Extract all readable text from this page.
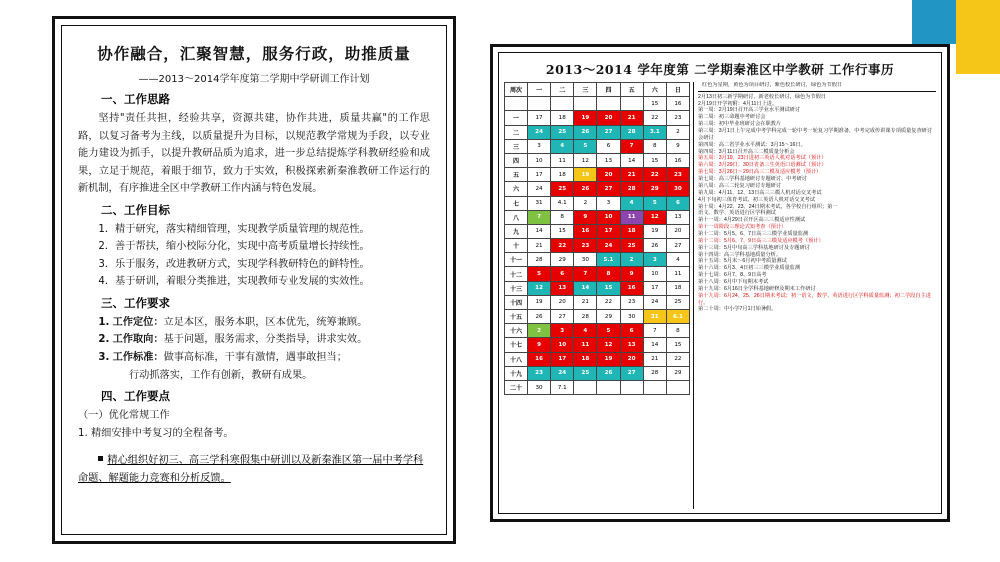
协作融合，汇聚智慧，服务行政，助推质量
——2013～2014学年度第二学期中学研训工作计划
一、工作思路

坚持"责任共担，经验共享，资源共建，协作共进，质量共赢"的工作思路，以复习备考为主线，以质量提升为目标，以规范教学常规为手段，以专业能力建设为抓手，以提升教研品质为追求，进一步总结提炼学科教研经验和成果，立足于规范，着眼于细节，致力于实效，积极探索新秦淮教研工作运行的新机制，有序推进全区中学教研工作内涵与特色发展。

二、工作目标

1．精于研究，落实精细管理，实现教学质量管理的规范性。

2．善于帮扶，缩小校际分化，实现中高考质量增长持续性。

3．乐于服务，改进教研方式，实现学科教研特色的鲜特性。

4．基于研训，着眼分类推进，实现教师专业发展的实效性。

三、工作要求

1. 工作定位：立足本区，服务本职，区本优先，统筹兼顾。

2. 工作取向：基于问题，服务需求，分类指导，讲求实效。

3. 工作标准：做事高标准，干事有激情，遇事敢担当；

行动抓落实，工作有创新，教研有成果。

四、工作要点

（一）优化常规工作

1. 精细安排中考复习的全程备考。

精心组织好初三、高三学科寒假集中研训以及新秦淮区第一届中考学科命题、解题能力竞赛和分析反馈。

2013～2014 学年度第 二学期秦淮区中学教研 工作行事历
周次	一	二	三	四	五	六	日
						15	16
一	17	18	19	20	21	22	23
二	24	25	26	27	28	3.1	2
三	3	4	5	6	7	8	9
四	10	11	12	13	14	15	16
五	17	18	19	20	21	22	23
六	24	25	26	27	28	29	30
七	31	4.1	2	3	4	5	6
八	7	8	9	10	11	12	13
九	14	15	16	17	18	19	20
十	21	22	23	24	25	26	27
十一	28	29	30	5.1	2	3	4
十二	5	6	7	8	9	10	11
十三	12	13	14	15	16	17	18
十四	19	20	21	22	23	24	25
十五	26	27	28	29	30	31	6.1
十六	2	3	4	5	6	7	8
十七	9	10	11	12	13	14	15
十八	16	17	18	19	20	21	22
十九	23	24	25	26	27	28	29
二十	30	7.1					
红色为星期，黄色为项目研讨，紫色校长研讨，绿色为节假日
2月13日初三新学期研讨，新老校长研讨，绿色为节假日
2月19日开学初附：4月11日上进。
第一周：2月19日召开高三学业水平测试研讨
第二周：初三命题中考研讨会
第三周：初中毕业班研讨会在职教片
第三周：3月1日上午完成中考学科完成一轮中考一轮复习学期准备，中考完成传讲课专项质量复查研讨会研讨
第四周：高二省学业水平测试：3月15～16日。
第四周：3月11日召开高三二模质量分析会
第五周：3月19、23日进初三英语人机对话考试（预计）
第六周：3月29日、30日省备三生英语口语测试（预计）
第七周：3月26日～29日高三二模及适应模考（预计）
第七周：高三学科基地研讨专题研讨、中考研讨
第八周：高三二轮复习研讨专题研讨
第九周：4月11、12、13日高三三模人机对话交叉考试
4月下旬初三体育考试、初三英语人机对话交叉考试
第十周：4月22、23、24日期末考试，各学校自行组织；第一
语文、数学、英语进行区学科测试
第十一周：4月29日召开区高三三模适应性测试
第十一周阶段三理论式知考查（预计）
第十二周：5月5、6、7日高三三模学业质量监测
第十二周：5月6、7、9日高三三模及适应模考（预计）
第十三周：5月中旬高三学科基地研讨及专题研讨
第十四周：高三学科基地质量分析。
第十五周：5月末～6月初中考质量测试
第十六周：6月3、4日初三三模学业质量监测
第十七周：6月7、8、9日高考
第十八周：6月中下旬期末考试
第十九周：6月16日全学科基地研修及期末工作研讨
第十九周：6月24、25、26日期末考试；初一语文、数学、英语进行区学科质量监测；初二学段自主进行。
第二十周：中小学7月1日始暑假。
